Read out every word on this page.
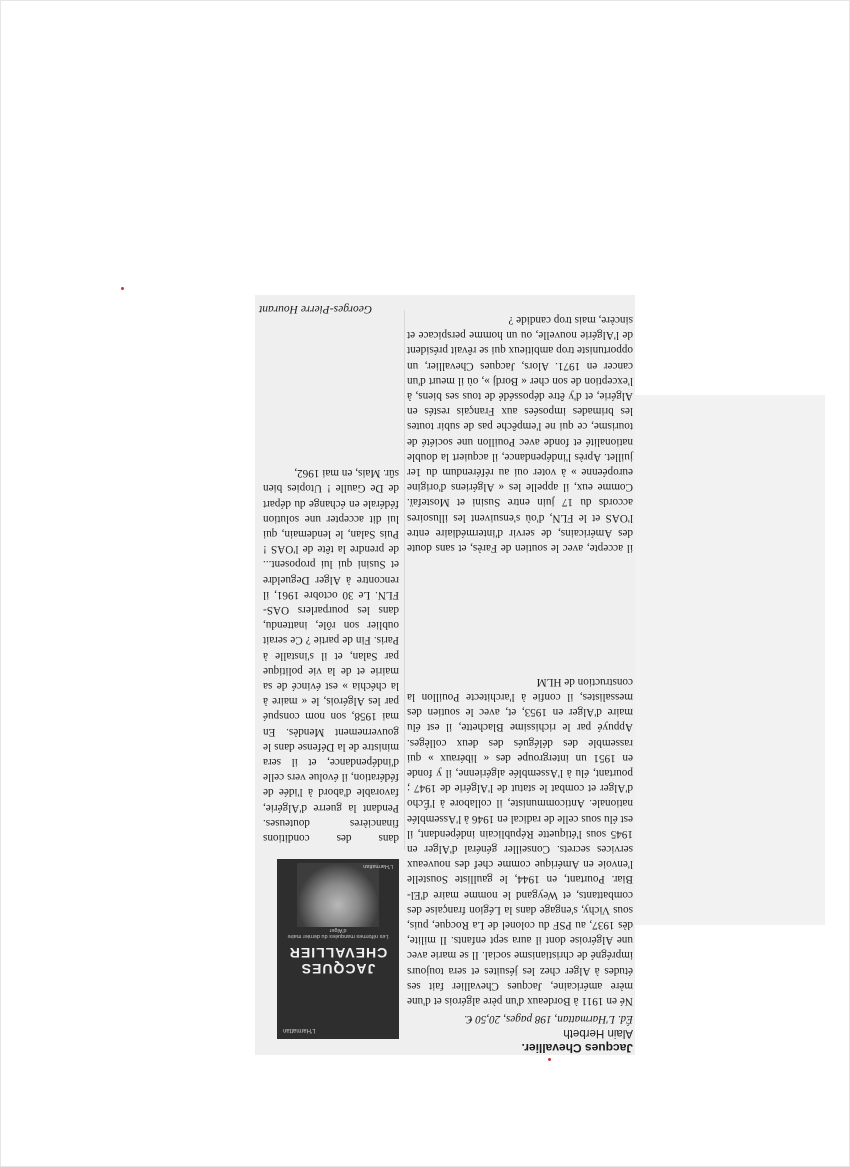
Jacques Chevallier.
Alain Herbeth
Éd. L'Harmattan, 198 pages, 20,50 €.

Né en 1911 à Bordeaux d'un père algérois et d'une mère américaine, Jacques Chevallier fait ses études à Alger chez les jésuites et sera toujours imprégné de christianisme social. Il se marie avec une Algéroise dont il aura sept enfants. Il milite, dès 1937, au PSF du colonel de La Rocque, puis, sous Vichy, s'engage dans la Légion française des combattants, et Weygand le nomme maire d'El-Biar. Pourtant, en 1944, le gaulliste Soustelle l'envoie en Amérique comme chef des nouveaux services secrets. Conseiller général d'Alger en 1945 sous l'étiquette Républicain indépendant, il est élu sous celle de radical en 1946 à l'Assemblée nationale. Anticommuniste, il collabore à l'Écho d'Alger et combat le statut de l'Algérie de 1947 ; pourtant, élu à l'Assemblée algérienne, il y fonde en 1951 un intergroupe des « libéraux » qui rassemble des délégués des deux collèges. Appuyé par le richissime Blachette, il est élu maire d'Alger en 1953, et, avec le soutien des messalistes, il confie à l'architecte Pouillon la construction de HLM

L'Harmattan
JACQUES CHEVALLIER
Les réformes manquées du dernier maire d'Alger
L'Harmattan

dans des conditions financières douteuses. Pendant la guerre d'Algérie, favorable d'abord à l'idée de fédération, il évolue vers celle d'indépendance, et il sera ministre de la Défense dans le gouvernement Mendès. En mai 1958, son nom conspué par les Algérois, le « maire à la chéchia » est évincé de sa mairie et de la vie politique par Salan, et il s'installe à Paris. Fin de partie ? Ce serait oublier son rôle, inattendu, dans les pourparlers OAS-FLN. Le 30 octobre 1961, il rencontre à Alger Degueldre et Susini qui lui proposent... de prendre la tête de l'OAS ! Puis Salan, le lendemain, qui lui dit accepter une solution fédérale en échange du départ de De Gaulle ! Utopies bien sûr. Mais, en mai 1962,

il accepte, avec le soutien de Farès, et sans doute des Américains, de servir d'intermédiaire entre l'OAS et le FLN, d'où s'ensuivent les illusoires accords du 17 juin entre Susini et Mostefaï. Comme eux, il appelle les « Algériens d'origine européenne » à voter oui au référendum du 1er juillet. Après l'indépendance, il acquiert la double nationalité et fonde avec Pouillon une société de tourisme, ce qui ne l'empêche pas de subir toutes les brimades imposées aux Français restés en Algérie, et d'y être dépossédé de tous ses biens, à l'exception de son cher « Bordj », où il meurt d'un cancer en 1971. Alors, Jacques Chevallier, un opportuniste trop ambitieux qui se rêvait président de l'Algérie nouvelle, ou un homme perspicace et sincère, mais trop candide ?

Georges-Pierre Hourant
